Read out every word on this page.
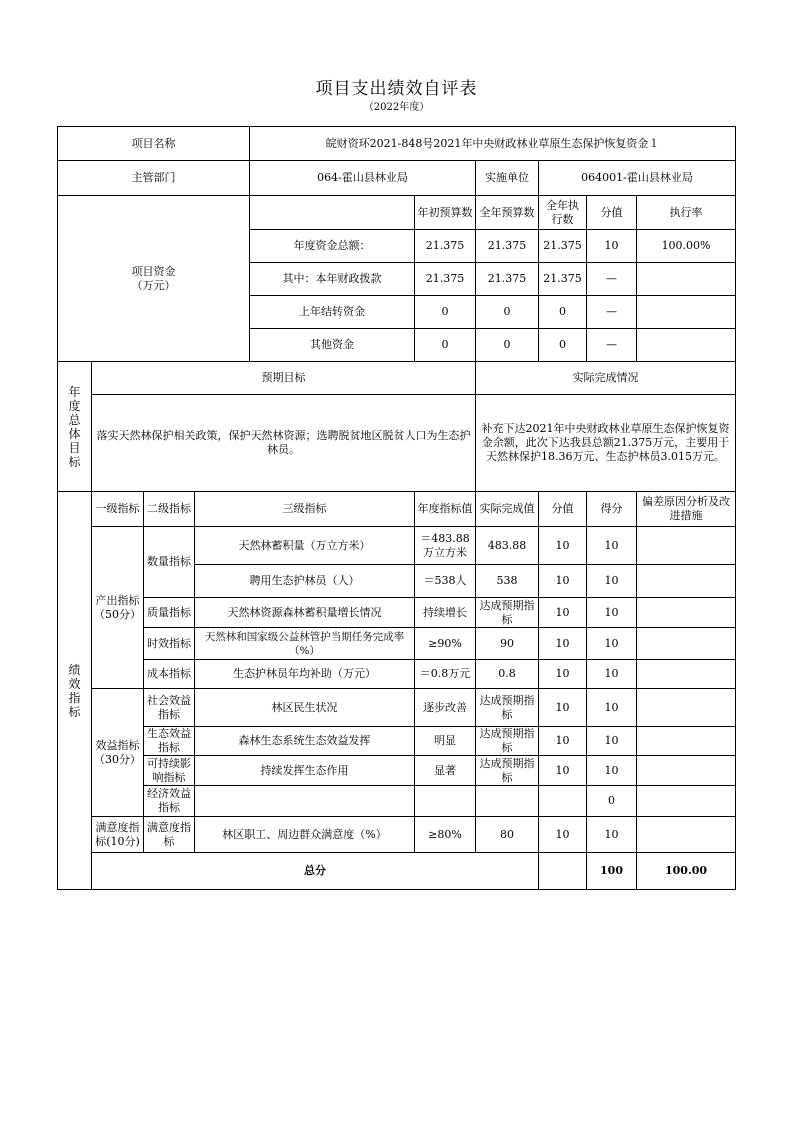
项目支出绩效自评表
（2022年度）
项目名称				皖财资环2021-848号2021年中央财政林业草原生态保护恢复资金１						
主管部门				064-霍山县林业局		实施单位	064001-霍山县林业局			
项目资金（万元）					年初预算数	全年预算数	全年执行数	分值	执行率	
				年度资金总额：	21.375	21.375	21.375	10	100.00%	
				其中：本年财政拨款	21.375	21.375	21.375	—		
				上年结转资金	0	0	0	—		
				其他资金	0	0	0	—		
年度总体目标	预期目标					实际完成情况				
	落实天然林保护相关政策，保护天然林资源；选聘脱贫地区脱贫人口为生态护林员。					补充下达2021年中央财政林业草原生态保护恢复资金余额，此次下达我县总额21.375万元，主要用于天然林保护18.36万元、生态护林员3.015万元。				
绩效指标	一级指标	二级指标	三级指标		年度指标值	实际完成值	分值	得分	偏差原因分析及改进措施	
	产出指标（50分）	数量指标	天然林蓄积量（万立方米）		＝483.88万立方米	483.88	10	10		
			聘用生态护林员（人）		＝538人	538	10	10		
		质量指标	天然林资源森林蓄积量增长情况		持续增长	达成预期指标	10	10		
		时效指标	天然林和国家级公益林管护当期任务完成率（%）		≥90%	90	10	10		
		成本指标	生态护林员年均补助（万元）		＝0.8万元	0.8	10	10		
	效益指标（30分）	社会效益指标	林区民生状况		逐步改善	达成预期指标	10	10		
		生态效益指标	森林生态系统生态效益发挥		明显	达成预期指标	10	10		
		可持续影响指标	持续发挥生态作用		显著	达成预期指标	10	10		
		经济效益指标						0		
	满意度指标(10分)	满意度指标	林区职工、周边群众满意度（%）		≥80%	80	10	10		
	总分							100	100.00	
